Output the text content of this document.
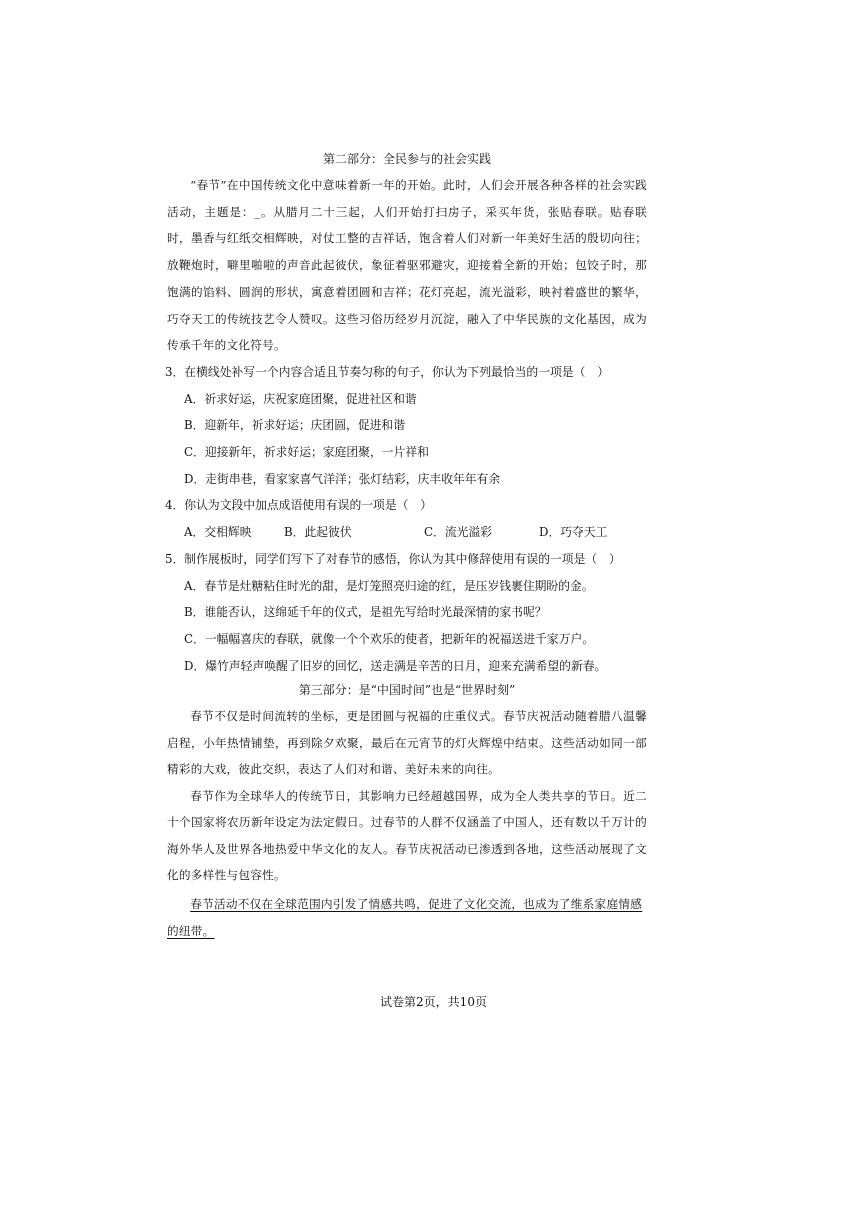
第二部分：全民参与的社会实践

“春节”在中国传统文化中意味着新一年的开始。此时，人们会开展各种各样的社会实践活动，主题是：_。从腊月二十三起，人们开始打扫房子，采买年货，张贴春联。贴春联时，墨香与红纸交相辉映，对仗工整的吉祥话，饱含着人们对新一年美好生活的殷切向往；放鞭炮时，噼里啪啦的声音此起彼伏，象征着驱邪避灾，迎接着全新的开始；包饺子时，那饱满的馅料、圆润的形状，寓意着团圆和吉祥；花灯亮起，流光溢彩，映衬着盛世的繁华，巧夺天工的传统技艺令人赞叹。这些习俗历经岁月沉淀，融入了中华民族的文化基因，成为传承千年的文化符号。

3．在横线处补写一个内容合适且节奏匀称的句子，你认为下列最恰当的一项是（　）

A．祈求好运，庆祝家庭团聚，促进社区和谐

B．迎新年，祈求好运；庆团圆，促进和谐

C．迎接新年，祈求好运；家庭团聚，一片祥和

D．走街串巷，看家家喜气洋洋；张灯结彩，庆丰收年年有余

4．你认为文段中加点成语使用有误的一项是（　）

A．交相辉映	B．此起彼伏	C．流光溢彩	D．巧夺天工

5．制作展板时，同学们写下了对春节的感悟，你认为其中修辞使用有误的一项是（　）

A．春节是灶糖粘住时光的甜，是灯笼照亮归途的红，是压岁钱裹住期盼的金。

B．谁能否认，这绵延千年的仪式，是祖先写给时光最深情的家书呢？

C．一幅幅喜庆的春联，就像一个个欢乐的使者，把新年的祝福送进千家万户。

D．爆竹声轻声唤醒了旧岁的回忆，送走满是辛苦的日月，迎来充满希望的新春。

第三部分：是“中国时间”也是“世界时刻”

春节不仅是时间流转的坐标，更是团圆与祝福的庄重仪式。春节庆祝活动随着腊八温馨启程，小年热情铺垫，再到除夕欢聚，最后在元宵节的灯火辉煌中结束。这些活动如同一部精彩的大戏，彼此交织，表达了人们对和谐、美好未来的向往。

春节作为全球华人的传统节日，其影响力已经超越国界，成为全人类共享的节日。近二十个国家将农历新年设定为法定假日。过春节的人群不仅涵盖了中国人，还有数以千万计的海外华人及世界各地热爱中华文化的友人。春节庆祝活动已渗透到各地，这些活动展现了文化的多样性与包容性。

春节活动不仅在全球范围内引发了情感共鸣，促进了文化交流，也成为了维系家庭情感的纽带。

试卷第2页，共10页
